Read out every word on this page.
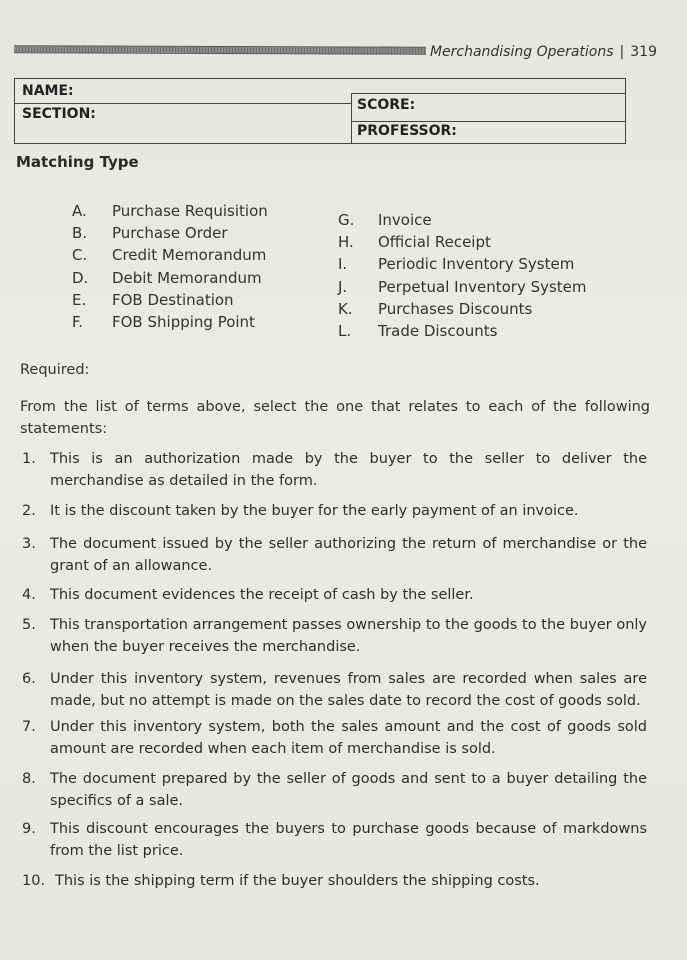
Merchandising Operations | 319
NAME:
SECTION:
SCORE:
PROFESSOR:
Matching Type
A. Purchase Requisition
B. Purchase Order
C. Credit Memorandum
D. Debit Memorandum
E. FOB Destination
F. FOB Shipping Point
G. Invoice
H. Official Receipt
I. Periodic Inventory System
J. Perpetual Inventory System
K. Purchases Discounts
L. Trade Discounts
Required:
From the list of terms above, select the one that relates to each of the following statements:
1. This is an authorization made by the buyer to the seller to deliver the merchandise as detailed in the form.
2. It is the discount taken by the buyer for the early payment of an invoice.
3. The document issued by the seller authorizing the return of merchandise or the grant of an allowance.
4. This document evidences the receipt of cash by the seller.
5. This transportation arrangement passes ownership to the goods to the buyer only when the buyer receives the merchandise.
6. Under this inventory system, revenues from sales are recorded when sales are made, but no attempt is made on the sales date to record the cost of goods sold.
7. Under this inventory system, both the sales amount and the cost of goods sold amount are recorded when each item of merchandise is sold.
8. The document prepared by the seller of goods and sent to a buyer detailing the specifics of a sale.
9. This discount encourages the buyers to purchase goods because of markdowns from the list price.
10. This is the shipping term if the buyer shoulders the shipping costs.
